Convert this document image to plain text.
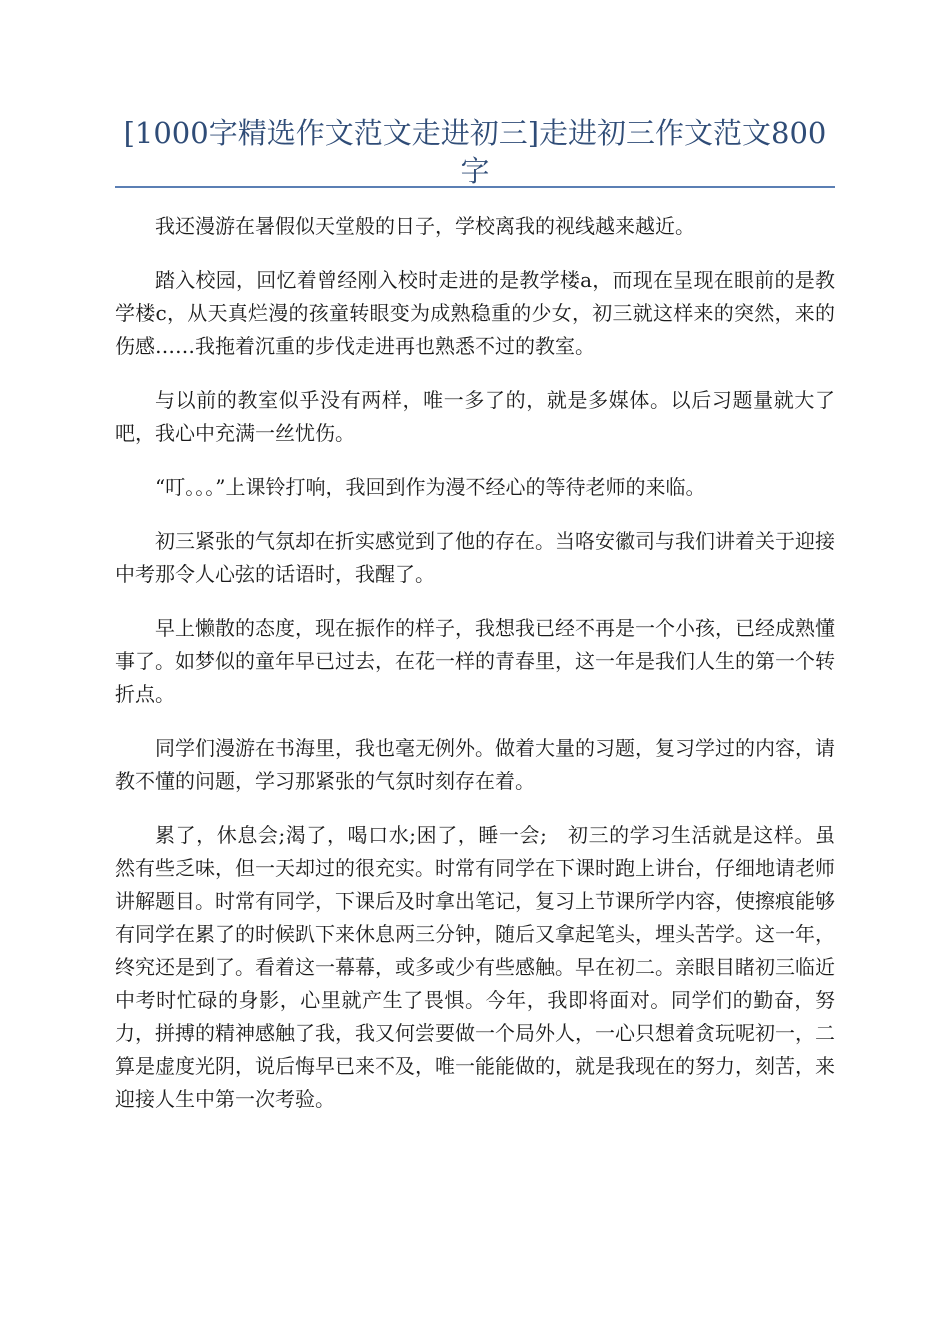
[1000字精选作文范文走进初三]走进初三作文范文800字

我还漫游在暑假似天堂般的日子，学校离我的视线越来越近。

踏入校园，回忆着曾经刚入校时走进的是教学楼a，而现在呈现在眼前的是教学楼c，从天真烂漫的孩童转眼变为成熟稳重的少女，初三就这样来的突然，来的伤感……我拖着沉重的步伐走进再也熟悉不过的教室。

与以前的教室似乎没有两样，唯一多了的，就是多媒体。以后习题量就大了吧，我心中充满一丝忧伤。

“叮。。。”上课铃打响，我回到作为漫不经心的等待老师的来临。

初三紧张的气氛却在折实感觉到了他的存在。当咯安徽司与我们讲着关于迎接中考那令人心弦的话语时，我醒了。

早上懒散的态度，现在振作的样子，我想我已经不再是一个小孩，已经成熟懂事了。如梦似的童年早已过去，在花一样的青春里，这一年是我们人生的第一个转折点。

同学们漫游在书海里，我也毫无例外。做着大量的习题，复习学过的内容，请教不懂的问题，学习那紧张的气氛时刻存在着。

累了，休息会;渴了，喝口水;困了，睡一会;　初三的学习生活就是这样。虽然有些乏味，但一天却过的很充实。时常有同学在下课时跑上讲台，仔细地请老师讲解题目。时常有同学，下课后及时拿出笔记，复习上节课所学内容，使擦痕能够有同学在累了的时候趴下来休息两三分钟，随后又拿起笔头，埋头苦学。这一年，终究还是到了。看着这一幕幕，或多或少有些感触。早在初二。亲眼目睹初三临近中考时忙碌的身影，心里就产生了畏惧。今年，我即将面对。同学们的勤奋，努力，拼搏的精神感触了我，我又何尝要做一个局外人，一心只想着贪玩呢初一，二算是虚度光阴，说后悔早已来不及，唯一能能做的，就是我现在的努力，刻苦，来迎接人生中第一次考验。
